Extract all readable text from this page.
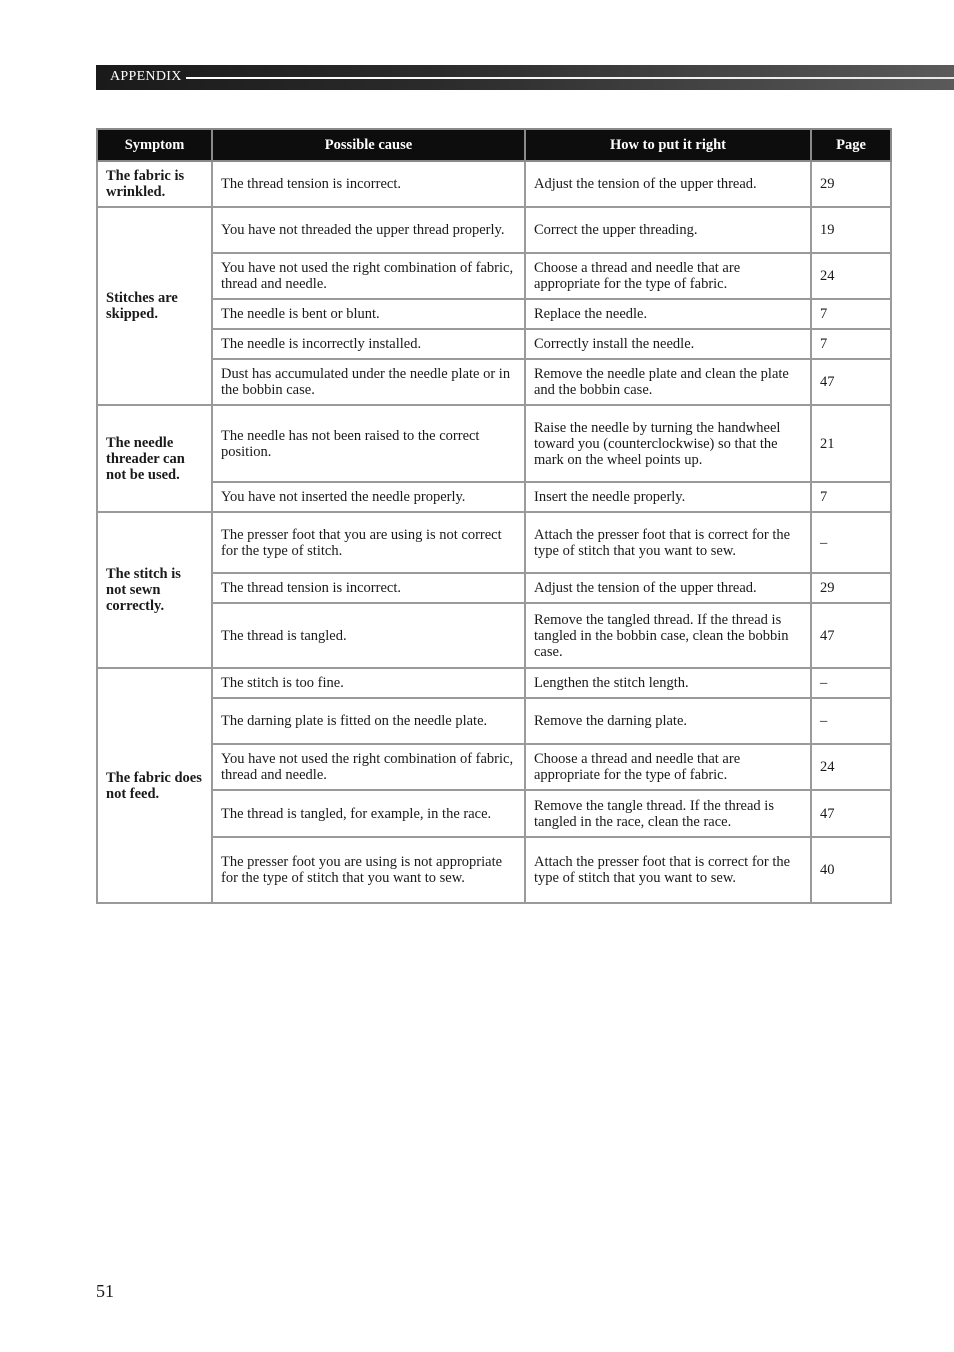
APPENDIX
Symptom	Possible cause	How to put it right	Page
The fabric is wrinkled.	The thread tension is incorrect.	Adjust the tension of the upper thread.	29
Stitches are skipped.	You have not threaded the upper thread properly.	Correct the upper threading.	19
	You have not used the right combination of fabric, thread and needle.	Choose a thread and needle that are appropriate for the type of fabric.	24
	The needle is bent or blunt.	Replace the needle.	7
	The needle is incorrectly installed.	Correctly install the needle.	7
	Dust has accumulated under the needle plate or in the bobbin case.	Remove the needle plate and clean the plate and the bobbin case.	47
The needle threader can not be used.	The needle has not been raised to the correct position.	Raise the needle by turning the handwheel toward you (counterclockwise) so that the mark on the wheel points up.	21
	You have not inserted the needle properly.	Insert the needle properly.	7
The stitch is not sewn correctly.	The presser foot that you are using is not correct for the type of stitch.	Attach the presser foot that is correct for the type of stitch that you want to sew.	–
	The thread tension is incorrect.	Adjust the tension of the upper thread.	29
	The thread is tangled.	Remove the tangled thread. If the thread is tangled in the bobbin case, clean the bobbin case.	47
The fabric does not feed.	The stitch is too fine.	Lengthen the stitch length.	–
	The darning plate is fitted on the needle plate.	Remove the darning plate.	–
	You have not used the right combination of fabric, thread and needle.	Choose a thread and needle that are appropriate for the type of fabric.	24
	The thread is tangled, for example, in the race.	Remove the tangle thread. If the thread is tangled in the race, clean the race.	47
	The presser foot you are using is not appropriate for the type of stitch that you want to sew.	Attach the presser foot that is correct for the type of stitch that you want to sew.	40
51
